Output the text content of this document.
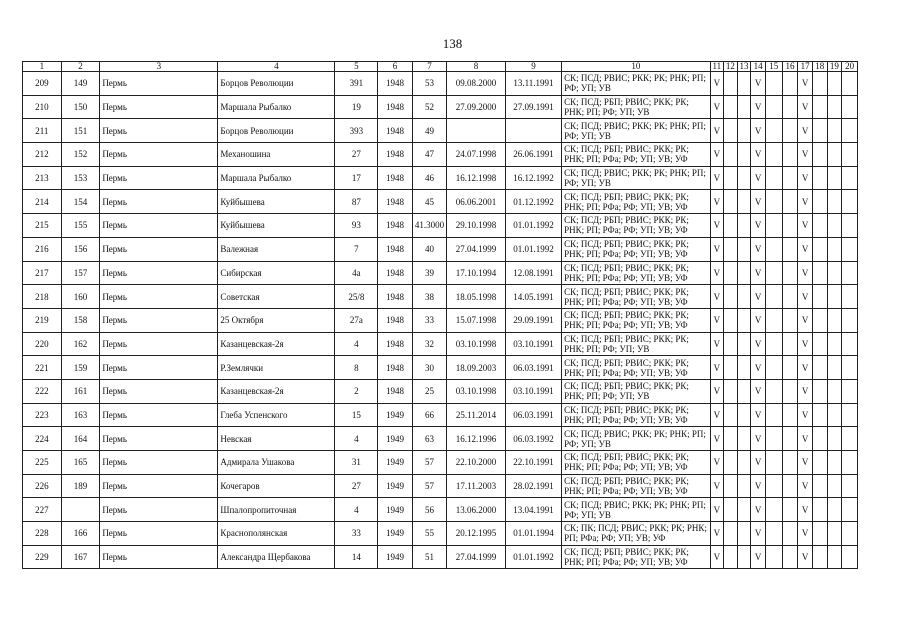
138
1	2	3	4	5	6	7	8	9	10	11	12	13	14	15	16	17	18	19	20
209	149	Пермь	Борцов Революции	391	1948	53	09.08.2000	13.11.1991	СК; ПСД; РВИС; РКК; РК; РНК; РП; РФ; УП; УВ	V			V			V			
210	150	Пермь	Маршала Рыбалко	19	1948	52	27.09.2000	27.09.1991	СК; ПСД; РБП; РВИС; РКК; РК; РНК; РП; РФ; УП; УВ	V			V			V			
211	151	Пермь	Борцов Революции	393	1948	49			СК; ПСД; РВИС; РКК; РК; РНК; РП; РФ; УП; УВ	V			V			V			
212	152	Пермь	Механошина	27	1948	47	24.07.1998	26.06.1991	СК; ПСД; РБП; РВИС; РКК; РК; РНК; РП; РФа; РФ; УП; УВ; УФ	V			V			V			
213	153	Пермь	Маршала Рыбалко	17	1948	46	16.12.1998	16.12.1992	СК; ПСД; РВИС; РКК; РК; РНК; РП; РФ; УП; УВ	V			V			V			
214	154	Пермь	Куйбышева	87	1948	45	06.06.2001	01.12.1992	СК; ПСД; РБП; РВИС; РКК; РК; РНК; РП; РФа; РФ; УП; УВ; УФ	V			V			V			
215	155	Пермь	Куйбышева	93	1948	41.3000	29.10.1998	01.01.1992	СК; ПСД; РБП; РВИС; РКК; РК; РНК; РП; РФа; РФ; УП; УВ; УФ	V			V			V			
216	156	Пермь	Валежная	7	1948	40	27.04.1999	01.01.1992	СК; ПСД; РБП; РВИС; РКК; РК; РНК; РП; РФа; РФ; УП; УВ; УФ	V			V			V			
217	157	Пермь	Сибирская	4а	1948	39	17.10.1994	12.08.1991	СК; ПСД; РБП; РВИС; РКК; РК; РНК; РП; РФа; РФ; УП; УВ; УФ	V			V			V			
218	160	Пермь	Советская	25/8	1948	38	18.05.1998	14.05.1991	СК; ПСД; РБП; РВИС; РКК; РК; РНК; РП; РФа; РФ; УП; УВ; УФ	V			V			V			
219	158	Пермь	25 Октября	27а	1948	33	15.07.1998	29.09.1991	СК; ПСД; РБП; РВИС; РКК; РК; РНК; РП; РФа; РФ; УП; УВ; УФ	V			V			V			
220	162	Пермь	Казанцевская-2я	4	1948	32	03.10.1998	03.10.1991	СК; ПСД; РБП; РВИС; РКК; РК; РНК; РП; РФ; УП; УВ	V			V			V			
221	159	Пермь	Р.Землячки	8	1948	30	18.09.2003	06.03.1991	СК; ПСД; РБП; РВИС; РКК; РК; РНК; РП; РФа; РФ; УП; УВ; УФ	V			V			V			
222	161	Пермь	Казанцевская-2я	2	1948	25	03.10.1998	03.10.1991	СК; ПСД; РБП; РВИС; РКК; РК; РНК; РП; РФ; УП; УВ	V			V			V			
223	163	Пермь	Глеба Успенского	15	1949	66	25.11.2014	06.03.1991	СК; ПСД; РБП; РВИС; РКК; РК; РНК; РП; РФа; РФ; УП; УВ; УФ	V			V			V			
224	164	Пермь	Невская	4	1949	63	16.12.1996	06.03.1992	СК; ПСД; РВИС; РКК; РК; РНК; РП; РФ; УП; УВ	V			V			V			
225	165	Пермь	Адмирала Ушакова	31	1949	57	22.10.2000	22.10.1991	СК; ПСД; РБП; РВИС; РКК; РК; РНК; РП; РФа; РФ; УП; УВ; УФ	V			V			V			
226	189	Пермь	Кочегаров	27	1949	57	17.11.2003	28.02.1991	СК; ПСД; РБП; РВИС; РКК; РК; РНК; РП; РФа; РФ; УП; УВ; УФ	V			V			V			
227		Пермь	Шпалопропиточная	4	1949	56	13.06.2000	13.04.1991	СК; ПСД; РВИС; РКК; РК; РНК; РП; РФ; УП; УВ	V			V			V			
228	166	Пермь	Краснополянская	33	1949	55	20.12.1995	01.01.1994	СК; ПК; ПСД; РВИС; РКК; РК; РНК; РП; РФа; РФ; УП; УВ; УФ	V			V			V			
229	167	Пермь	Александра Щербакова	14	1949	51	27.04.1999	01.01.1992	СК; ПСД; РБП; РВИС; РКК; РК; РНК; РП; РФа; РФ; УП; УВ; УФ	V			V			V			
